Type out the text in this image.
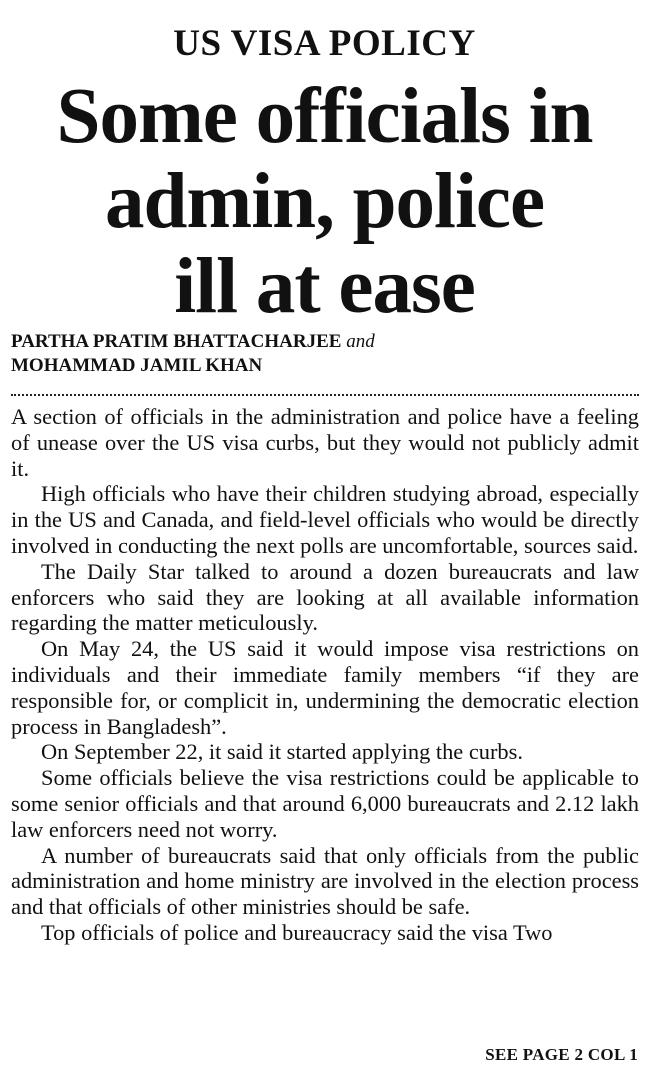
US VISA POLICY
Some officials in
admin, police
ill at ease
PARTHA PRATIM BHATTACHARJEE and
MOHAMMAD JAMIL KHAN

A section of officials in the administration and police have a feeling of unease over the US visa curbs, but they would not publicly admit it.

High officials who have their children studying abroad, especially in the US and Canada, and field-level officials who would be directly involved in conducting the next polls are uncomfortable, sources said.

The Daily Star talked to around a dozen bureaucrats and law enforcers who said they are looking at all available information regarding the matter meticulously.

On May 24, the US said it would impose visa restrictions on individuals and their immediate family members “if they are responsible for, or complicit in, undermining the democratic election process in Bangladesh”.

On September 22, it said it started applying the curbs.

Some officials believe the visa restrictions could be applicable to some senior officials and that around 6,000 bureaucrats and 2.12 lakh law enforcers need not worry.

A number of bureaucrats said that only officials from the public administration and home ministry are involved in the election process and that officials of other ministries should be safe.

Top officials of police and bureaucracy said the visa Two

SEE PAGE 2 COL 1
